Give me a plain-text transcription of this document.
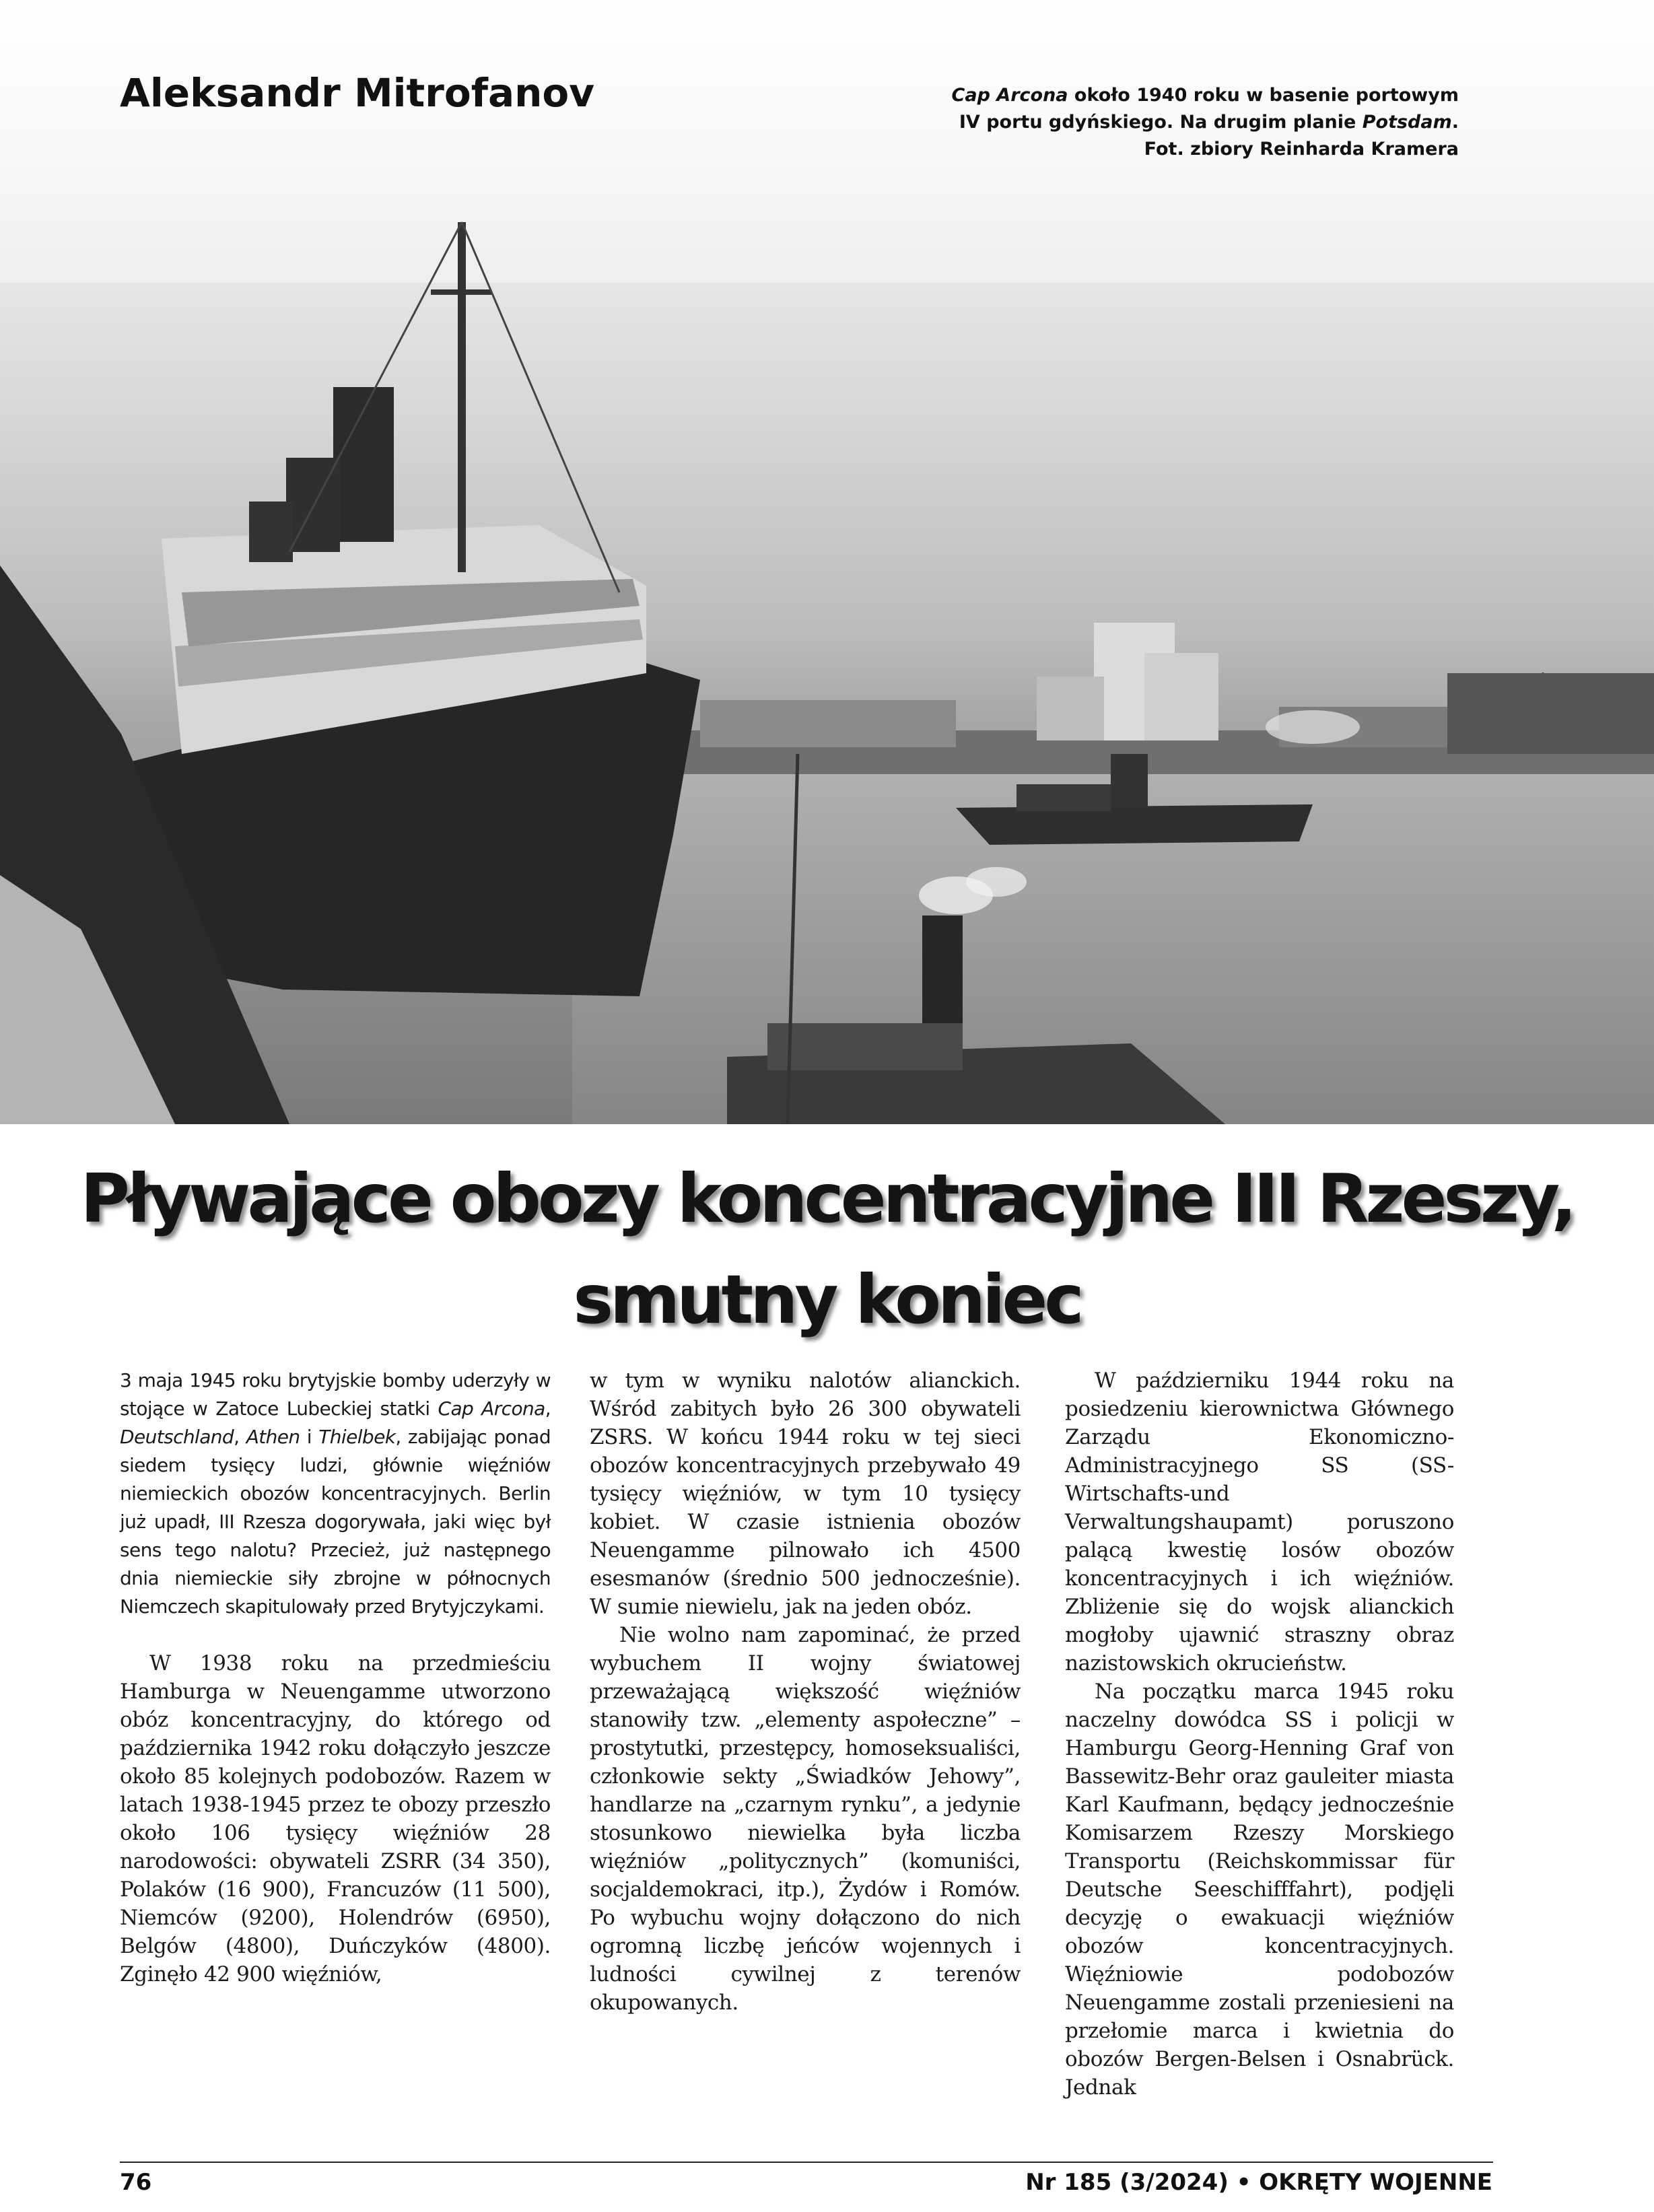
Aleksandr Mitrofanov	Cap Arcona około 1940 roku w basenie portowym
IV portu gdyńskiego. Na drugim planie Potsdam.
Fot. zbiory Reinharda Kramera
Pływające obozy koncentracyjne III Rzeszy,
smutny koniec

3 maja 1945 roku brytyjskie bomby uderzyły w stojące w Zatoce Lubeckiej statki Cap Arcona, Deutschland, Athen i Thielbek, zabijając ponad siedem tysięcy ludzi, głównie więźniów niemieckich obozów koncentracyjnych. Berlin już upadł, III Rzesza dogorywała, jaki więc był sens tego nalotu? Przecież, już następnego dnia niemieckie siły zbrojne w północnych Niemczech skapitulowały przed Brytyjczykami.

W 1938 roku na przedmieściu Hamburga w Neuengamme utworzono obóz koncentracyjny, do którego od października 1942 roku dołączyło jeszcze około 85 kolejnych podobozów. Razem w latach 1938-1945 przez te obozy przeszło około 106 tysięcy więźniów 28 narodowości: obywateli ZSRR (34 350), Polaków (16 900), Francuzów (11 500), Niemców (9200), Holendrów (6950), Belgów (4800), Duńczyków (4800). Zginęło 42 900 więźniów,

w tym w wyniku nalotów alianckich. Wśród zabitych było 26 300 obywateli ZSRS. W końcu 1944 roku w tej sieci obozów koncentracyjnych przebywało 49 tysięcy więźniów, w tym 10 tysięcy kobiet. W czasie istnienia obozów Neuengamme pilnowało ich 4500 esesmanów (średnio 500 jednocześnie). W sumie niewielu, jak na jeden obóz.

Nie wolno nam zapominać, że przed wybuchem II wojny światowej przeważającą większość więźniów stanowiły tzw. „elementy aspołeczne” – prostytutki, przestępcy, homoseksualiści, członkowie sekty „Świadków Jehowy”, handlarze na „czarnym rynku”, a jedynie stosunkowo niewielka była liczba więźniów „politycznych” (komuniści, socjaldemokraci, itp.), Żydów i Romów. Po wybuchu wojny dołączono do nich ogromną liczbę jeńców wojennych i ludności cywilnej z terenów okupowanych.

W październiku 1944 roku na posiedzeniu kierownictwa Głównego Zarządu Ekonomiczno-Administracyjnego SS (SS-Wirtschafts-und Verwaltungshaupamt) poruszono palącą kwestię losów obozów koncentracyjnych i ich więźniów. Zbliżenie się do wojsk alianckich mogłoby ujawnić straszny obraz nazistowskich okrucieństw.

Na początku marca 1945 roku naczelny dowódca SS i policji w Hamburgu Georg-Henning Graf von Bassewitz-Behr oraz gauleiter miasta Karl Kaufmann, będący jednocześnie Komisarzem Rzeszy Morskiego Transportu (Reichskommissar für Deutsche Seeschifffahrt), podjęli decyzję o ewakuacji więźniów obozów koncentracyjnych. Więźniowie podobozów Neuengamme zostali przeniesieni na przełomie marca i kwietnia do obozów Bergen-Belsen i Osnabrück. Jednak

76	Nr 185 (3/2024) • OKRĘTY WOJENNE
